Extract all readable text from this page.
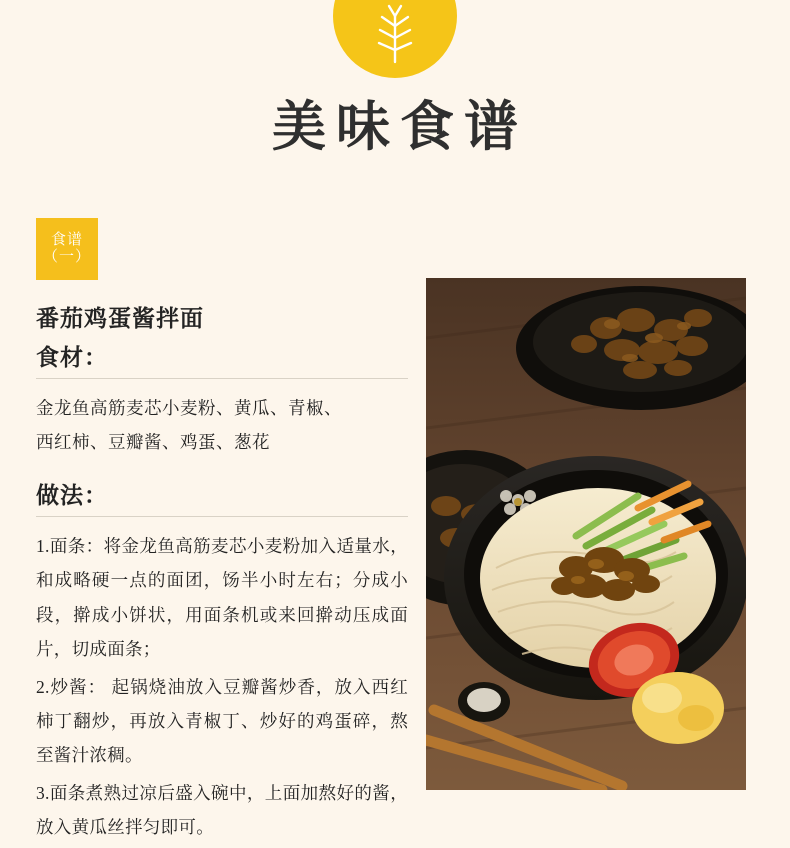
美味食谱
食谱
（一）
番茄鸡蛋酱拌面
食材：

金龙鱼高筋麦芯小麦粉、黄瓜、青椒、
西红柿、豆瓣酱、鸡蛋、葱花

做法：

1.面条：将金龙鱼高筋麦芯小麦粉加入适量水，和成略硬一点的面团，饧半小时左右；分成小段，擀成小饼状，用面条机或来回擀动压成面片，切成面条；

2.炒酱： 起锅烧油放入豆瓣酱炒香，放入西红柿丁翻炒，再放入青椒丁、炒好的鸡蛋碎，熬至酱汁浓稠。

3.面条煮熟过凉后盛入碗中，上面加熬好的酱，放入黄瓜丝拌匀即可。
